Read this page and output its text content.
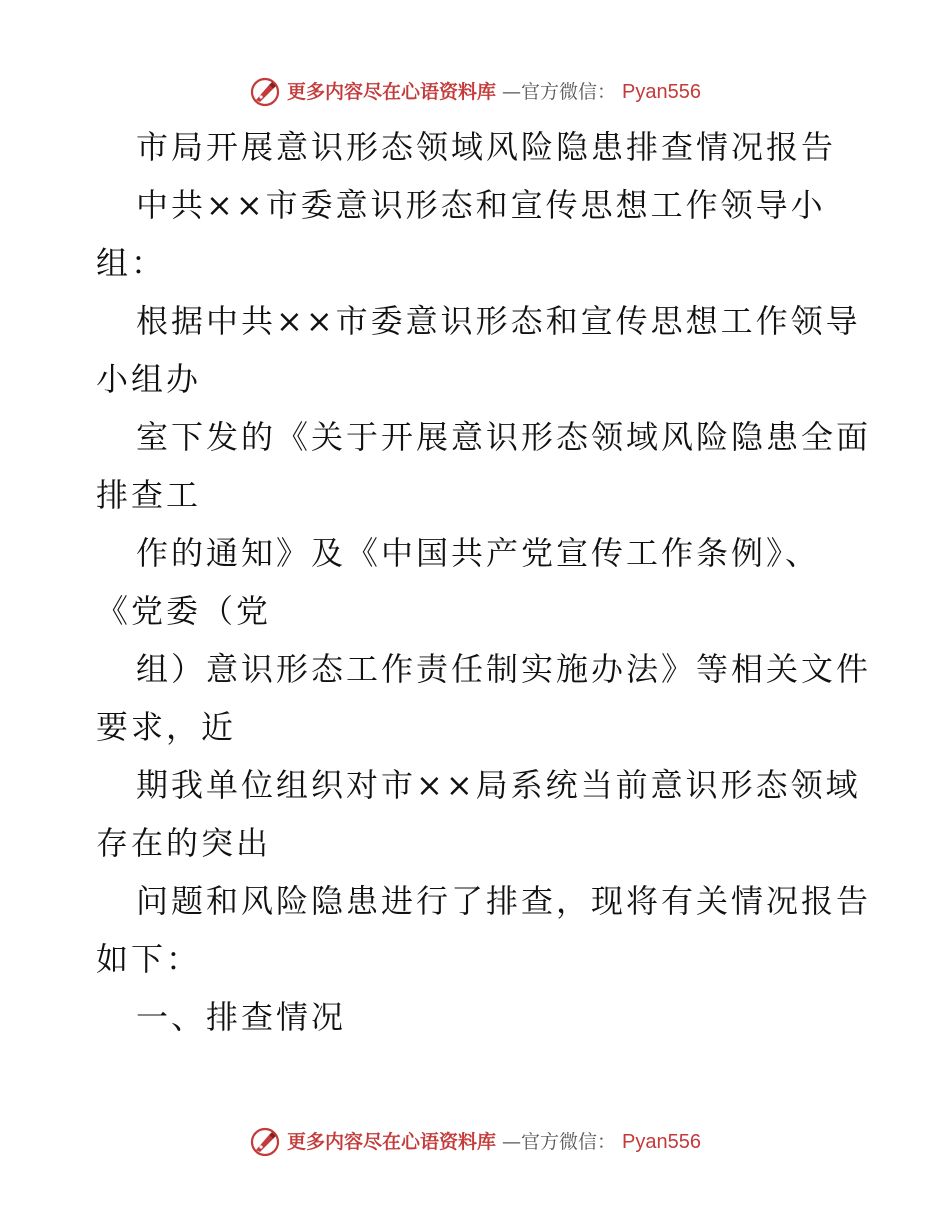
更多内容尽在心语资料库 —官方微信： Pyan556
市局开展意识形态领域风险隐患排查情况报告
中共××市委意识形态和宣传思想工作领导小
组：
根据中共××市委意识形态和宣传思想工作领导
小组办
室下发的《关于开展意识形态领域风险隐患全面
排查工
作的通知》及《中国共产党宣传工作条例》、
《党委（党
组）意识形态工作责任制实施办法》等相关文件
要求，近
期我单位组织对市××局系统当前意识形态领域
存在的突出
问题和风险隐患进行了排查，现将有关情况报告
如下：
一、排查情况
更多内容尽在心语资料库 —官方微信： Pyan556
